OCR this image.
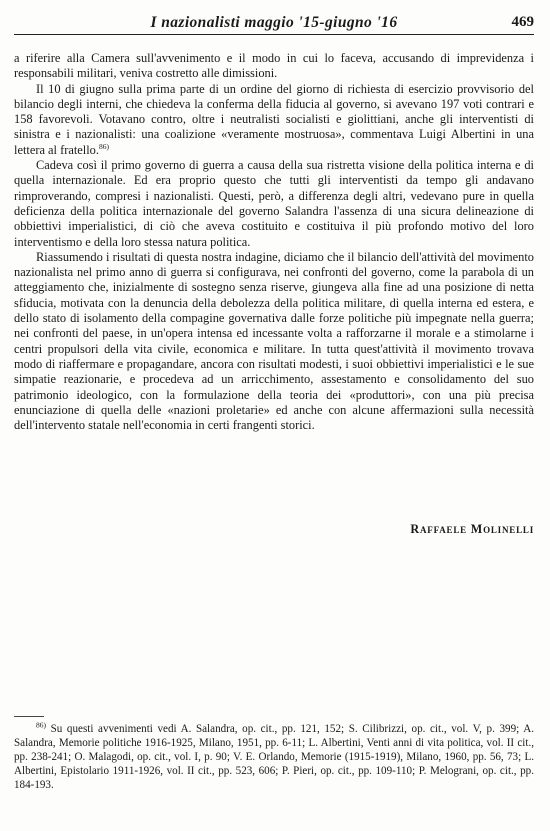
I nazionalisti maggio '15-giugno '16	469

a riferire alla Camera sull'avvenimento e il modo in cui lo faceva, accusando di imprevidenza i responsabili militari, veniva costretto alle dimissioni.

Il 10 di giugno sulla prima parte di un ordine del giorno di richiesta di esercizio provvisorio del bilancio degli interni, che chiedeva la conferma della fiducia al governo, si avevano 197 voti contrari e 158 favorevoli. Votavano contro, oltre i neutralisti socialisti e giolittiani, anche gli interventisti di sinistra e i nazionalisti: una coalizione «veramente mostruosa», commentava Luigi Albertini in una lettera al fratello.$^{86)}$

Cadeva così il primo governo di guerra a causa della sua ristretta visione della politica interna e di quella internazionale. Ed era proprio questo che tutti gli interventisti da tempo gli andavano rimproverando, compresi i nazionalisti. Questi, però, a differenza degli altri, vedevano pure in quella deficienza della politica internazionale del governo Salandra l'assenza di una sicura delineazione di obbiettivi imperialistici, di ciò che aveva costituito e costituiva il più profondo motivo del loro interventismo e della loro stessa natura politica.

Riassumendo i risultati di questa nostra indagine, diciamo che il bilancio dell'attività del movimento nazionalista nel primo anno di guerra si configurava, nei confronti del governo, come la parabola di un atteggiamento che, inizialmente di sostegno senza riserve, giungeva alla fine ad una posizione di netta sfiducia, motivata con la denuncia della debolezza della politica militare, di quella interna ed estera, e dello stato di isolamento della compagine governativa dalle forze politiche più impegnate nella guerra; nei confronti del paese, in un'opera intensa ed incessante volta a rafforzarne il morale e a stimolarne i centri propulsori della vita civile, economica e militare. In tutta quest'attività il movimento trovava modo di riaffermare e propagandare, ancora con risultati modesti, i suoi obbiettivi imperialistici e le sue simpatie reazionarie, e procedeva ad un arricchimento, assestamento e consolidamento del suo patrimonio ideologico, con la formulazione della teoria dei «produttori», con una più precisa enunciazione di quella delle «nazioni proletarie» ed anche con alcune affermazioni sulla necessità dell'intervento statale nell'economia in certi frangenti storici.

Raffaele Molinelli

$^{86)}$ Su questi avvenimenti vedi A. Salandra, op. cit., pp. 121, 152; S. Cilibrizzi, op. cit., vol. V, p. 399; A. Salandra, Memorie politiche 1916-1925, Milano, 1951, pp. 6-11; L. Albertini, Venti anni di vita politica, vol. II cit., pp. 238-241; O. Malagodi, op. cit., vol. I, p. 90; V. E. Orlando, Memorie (1915-1919), Milano, 1960, pp. 56, 73; L. Albertini, Epistolario 1911-1926, vol. II cit., pp. 523, 606; P. Pieri, op. cit., pp. 109-110; P. Melograni, op. cit., pp. 184-193.
